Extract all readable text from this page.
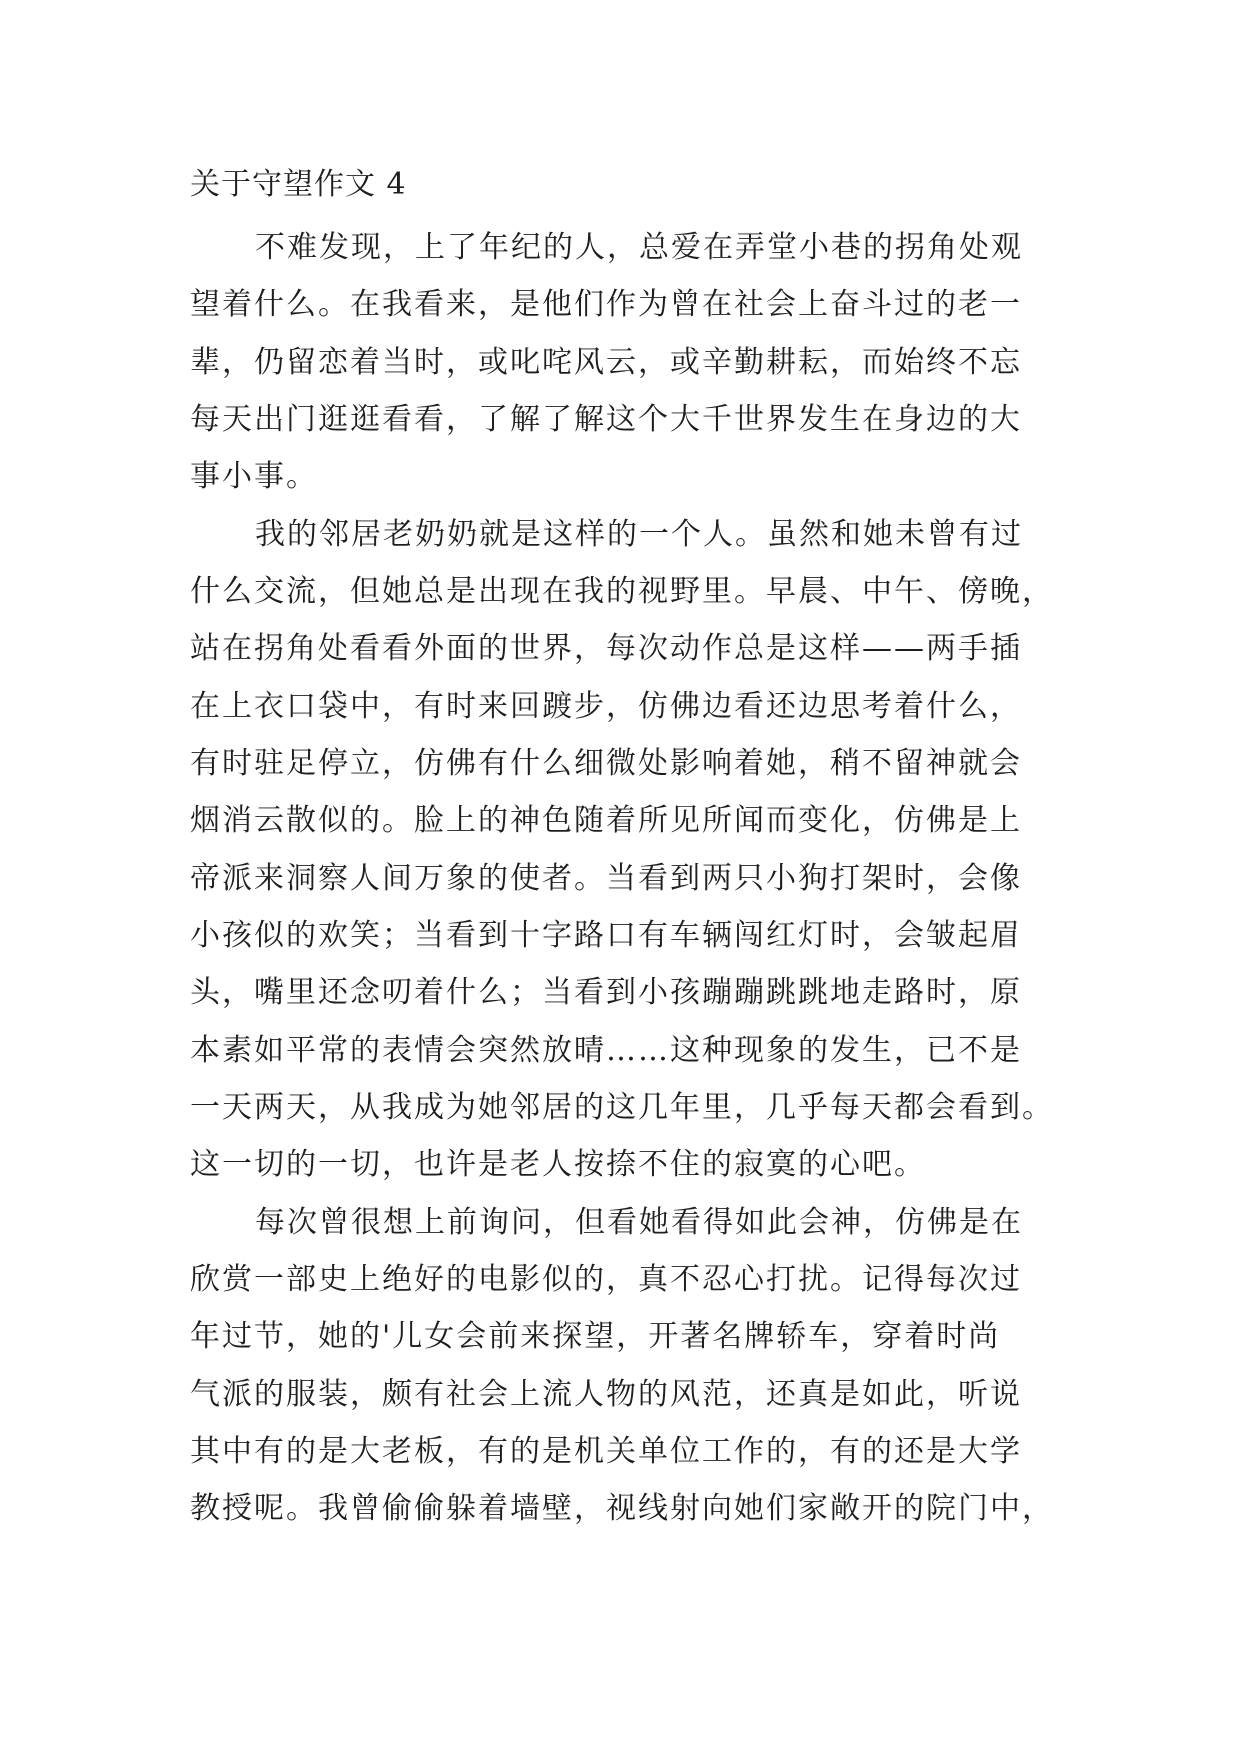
关于守望作文 4
不难发现，上了年纪的人，总爱在弄堂小巷的拐角处观
望着什么。在我看来，是他们作为曾在社会上奋斗过的老一
辈，仍留恋着当时，或叱咤风云，或辛勤耕耘，而始终不忘
每天出门逛逛看看，了解了解这个大千世界发生在身边的大
事小事。
我的邻居老奶奶就是这样的一个人。虽然和她未曾有过
什么交流，但她总是出现在我的视野里。早晨、中午、傍晚，
站在拐角处看看外面的世界，每次动作总是这样——两手插
在上衣口袋中，有时来回踱步，仿佛边看还边思考着什么，
有时驻足停立，仿佛有什么细微处影响着她，稍不留神就会
烟消云散似的。脸上的神色随着所见所闻而变化，仿佛是上
帝派来洞察人间万象的使者。当看到两只小狗打架时，会像
小孩似的欢笑；当看到十字路口有车辆闯红灯时，会皱起眉
头，嘴里还念叨着什么；当看到小孩蹦蹦跳跳地走路时，原
本素如平常的表情会突然放晴……这种现象的发生，已不是
一天两天，从我成为她邻居的这几年里，几乎每天都会看到。
这一切的一切，也许是老人按捺不住的寂寞的心吧。
每次曾很想上前询问，但看她看得如此会神，仿佛是在
欣赏一部史上绝好的电影似的，真不忍心打扰。记得每次过
年过节，她的'儿女会前来探望，开著名牌轿车，穿着时尚
气派的服装，颇有社会上流人物的风范，还真是如此，听说
其中有的是大老板，有的是机关单位工作的，有的还是大学
教授呢。我曾偷偷躲着墙壁，视线射向她们家敞开的院门中，
